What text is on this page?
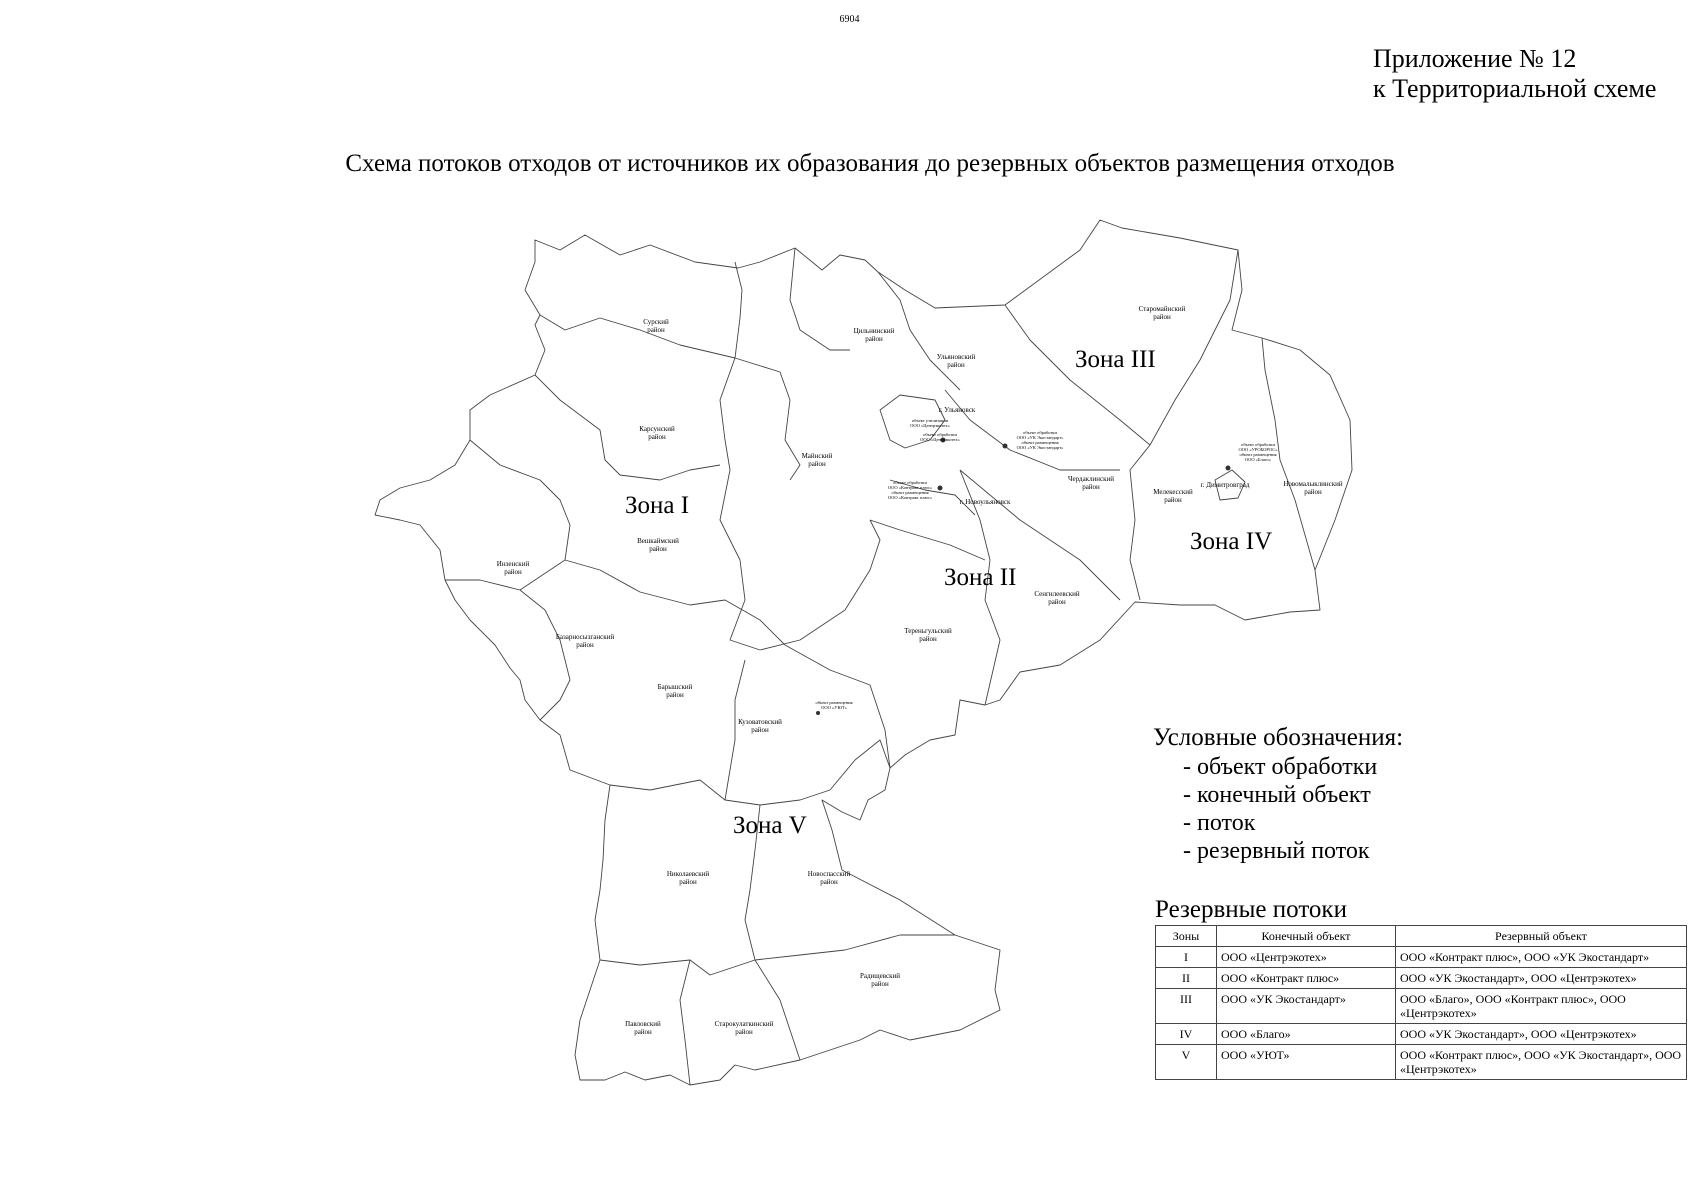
6904
Приложение № 12
к Территориальной схеме
Схема потоков отходов от источников их образования до резервных объектов размещения отходов
Сурский
район	Цильнинский
район
Ульяновский
район
Старомайнский
район
Карсунский
район
Майнский
район
Вешкаймский
район
Инзенский
район
Базарносызганский
район
Барышский
район
Кузоватовский
район
Чердаклинский
район
Мелекесский
район
Новомалыклинский
район
Сенгилеевский
район
Тереньгульский
район
Николаевский
район
Новоспасский
район
Радищевский
район
Павловский
район
Старокулаткинский
район
г. Ульяновск
г. Новоульяновск
г. Димитровград
объект утилизации
ООО «Центрэкотех»
объект обработки
ООО «Центрэкотех»
объект обработки
ООО «УК Экостандарт»
объект размещения
ООО «УК Экостандарт»
объект обработки
ООО «Контракт плюс»
объект размещения
ООО «Контракт плюс»
объект обработки
ООО «УРОБОРОС»
объект размещения
ООО «Благо»
объект размещения
ООО «УЮТ»
Зона I
Зона II
Зона III
Зона IV
Зона V
Условные обозначения:
- объект обработки
- конечный объект
- поток
- резервный поток
Резервные потоки
Зоны	Конечный объект	Резервный объект
I	ООО «Центрэкотех»	ООО «Контракт плюс», ООО «УК Экостандарт»
II	ООО «Контракт плюс»	ООО «УК Экостандарт», ООО «Центрэкотех»
III	ООО «УК Экостандарт»	ООО «Благо», ООО «Контракт плюс», ООО «Центрэкотех»
IV	ООО «Благо»	ООО «УК Экостандарт», ООО «Центрэкотех»
V	ООО «УЮТ»	ООО «Контракт плюс», ООО «УК Экостандарт», ООО «Центрэкотех»
